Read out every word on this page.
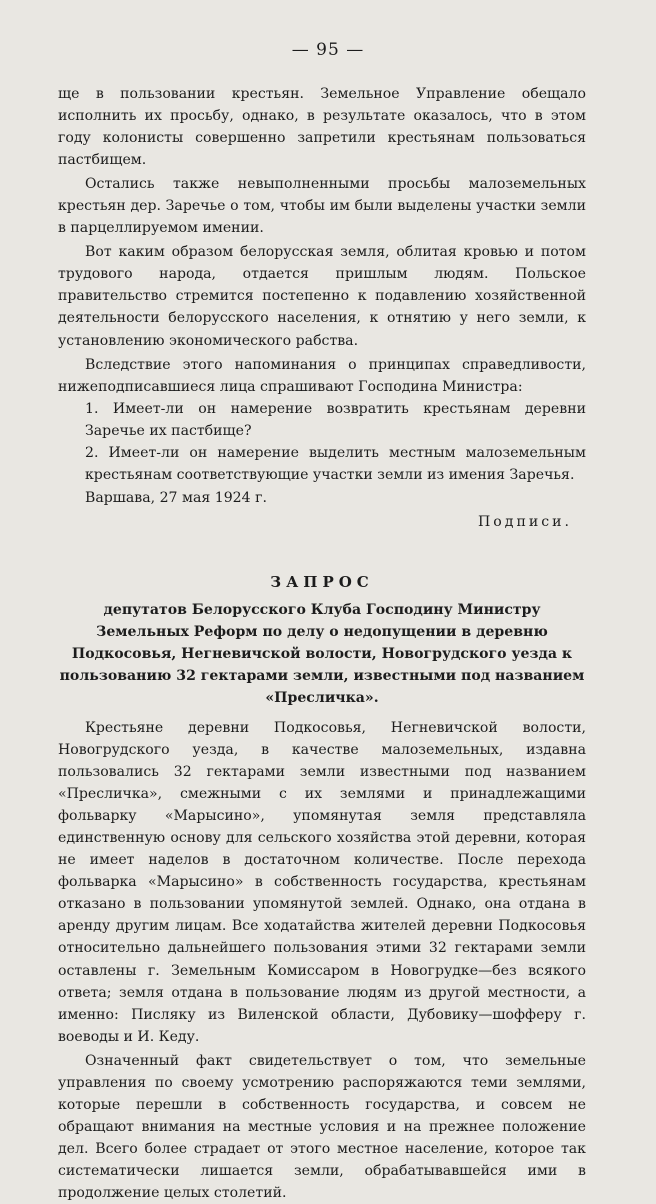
— 95 —

ще в пользовании крестьян. Земельное Управление обещало исполнить их просьбу, однако, в результате оказалось, что в этом году колонисты совершенно запретили крестьянам пользоваться пастбищем.

Остались также невыполненными просьбы малоземельных крестьян дер. Заречье о том, чтобы им были выделены участки земли в парцеллируемом имении.

Вот каким образом белорусская земля, облитая кровью и потом трудового народа, отдается пришлым людям. Польское правительство стремится постепенно к подавлению хозяйственной деятельности белорусского населения, к отнятию у него земли, к установлению экономического рабства.

Вследствие этого напоминания о принципах справедливости, нижеподписавшиеся лица спрашивают Господина Министра:

1. Имеет-ли он намерение возвратить крестьянам деревни Заречье их пастбище?

2. Имеет-ли он намерение выделить местным малоземельным крестьянам соответствующие участки земли из имения Заречья.

Варшава, 27 мая 1924 г.

Подписи.

ЗАПРОС

депутатов Белорусского Клуба Господину Министру Земельных Реформ по делу о недопущении в деревню Подкосовья, Негневичской волости, Новогрудского уезда к пользованию 32 гектарами земли, известными под названием «Пресличка».

Крестьяне деревни Подкосовья, Негневичской волости, Новогрудского уезда, в качестве малоземельных, издавна пользовались 32 гектарами земли известными под названием «Пресличка», смежными с их землями и принадлежащими фольварку «Марысино», упомянутая земля представляла единственную основу для сельского хозяйства этой деревни, которая не имеет наделов в достаточном количестве. После перехода фольварка «Марысино» в собственность государства, крестьянам отказано в пользовании упомянутой землей. Однако, она отдана в аренду другим лицам. Все ходатайства жителей деревни Подкосовья относительно дальнейшего пользования этими 32 гектарами земли оставлены г. Земельным Комиссаром в Новогрудке—без всякого ответа; земля отдана в пользование людям из другой местности, а именно: Писляку из Виленской области, Дубовику—шофферу г. воеводы и И. Кеду.

Означенный факт свидетельствует о том, что земельные управления по своему усмотрению распоряжаются теми землями, которые перешли в собственность государства, и совсем не обращают внимания на местные условия и на прежнее положение дел. Всего более страдает от этого местное население, которое так систематически лишается земли, обрабатывавшейся ими в продолжение целых столетий.
